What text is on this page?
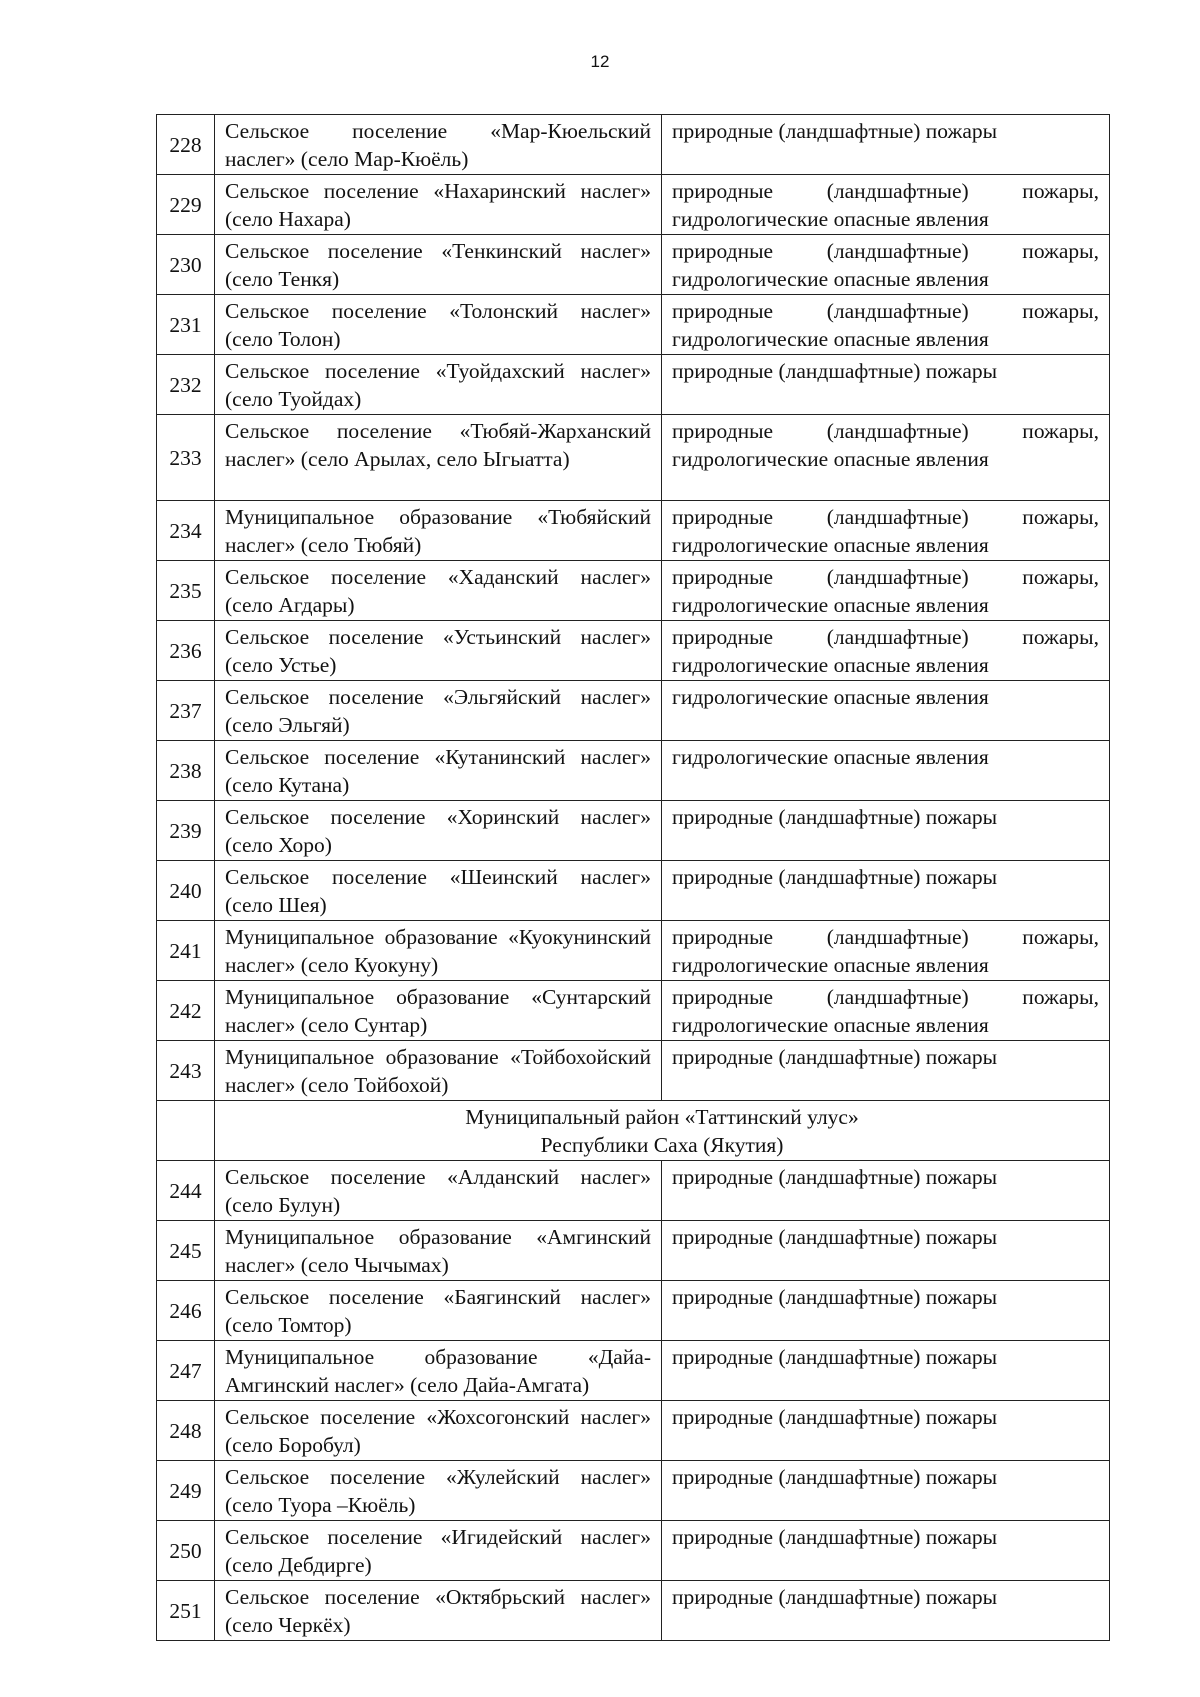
12
228	Сельское поселение «Мар-Кюельский наслег» (село Мар-Кюёль)	природные (ландшафтные) пожары
229	Сельское поселение «Нахаринский наслег» (село Нахара)	природные (ландшафтные) пожары, гидрологические опасные явления
230	Сельское поселение «Тенкинский наслег» (село Тенкя)	природные (ландшафтные) пожары, гидрологические опасные явления
231	Сельское поселение «Толонский наслег» (село Толон)	природные (ландшафтные) пожары, гидрологические опасные явления
232	Сельское поселение «Туойдахский наслег» (село Туойдах)	природные (ландшафтные) пожары
233	Сельское поселение «Тюбяй-Жарханский наслег» (село Арылах, село Ыгыатта)	природные (ландшафтные) пожары, гидрологические опасные явления
234	Муниципальное образование «Тюбяйский наслег» (село Тюбяй)	природные (ландшафтные) пожары, гидрологические опасные явления
235	Сельское поселение «Хаданский наслег» (село Агдары)	природные (ландшафтные) пожары, гидрологические опасные явления
236	Сельское поселение «Устьинский наслег» (село Устье)	природные (ландшафтные) пожары, гидрологические опасные явления
237	Сельское поселение «Эльгяйский наслег» (село Эльгяй)	гидрологические опасные явления
238	Сельское поселение «Кутанинский наслег» (село Кутана)	гидрологические опасные явления
239	Сельское поселение «Хоринский наслег» (село Хоро)	природные (ландшафтные) пожары
240	Сельское поселение «Шеинский наслег» (село Шея)	природные (ландшафтные) пожары
241	Муниципальное образование «Куокунинский наслег» (село Куокуну)	природные (ландшафтные) пожары, гидрологические опасные явления
242	Муниципальное образование «Сунтарский наслег» (село Сунтар)	природные (ландшафтные) пожары, гидрологические опасные явления
243	Муниципальное образование «Тойбохойский наслег» (село Тойбохой)	природные (ландшафтные) пожары

	Муниципальный район «Таттинский улус»
Республики Саха (Якутия)	

244	Сельское поселение «Алданский наслег» (село Булун)	природные (ландшафтные) пожары
245	Муниципальное образование «Амгинский наслег» (село Чычымах)	природные (ландшафтные) пожары
246	Сельское поселение «Баягинский наслег» (село Томтор)	природные (ландшафтные) пожары
247	Муниципальное образование «Дайа-Амгинский наслег» (село Дайа-Амгата)	природные (ландшафтные) пожары
248	Сельское поселение «Жохсогонский наслег» (село Боробул)	природные (ландшафтные) пожары
249	Сельское поселение «Жулейский наслег» (село Туора –Кюёль)	природные (ландшафтные) пожары
250	Сельское поселение «Игидейский наслег» (село Дебдирге)	природные (ландшафтные) пожары
251	Сельское поселение «Октябрьский наслег» (село Черкёх)	природные (ландшафтные) пожары
